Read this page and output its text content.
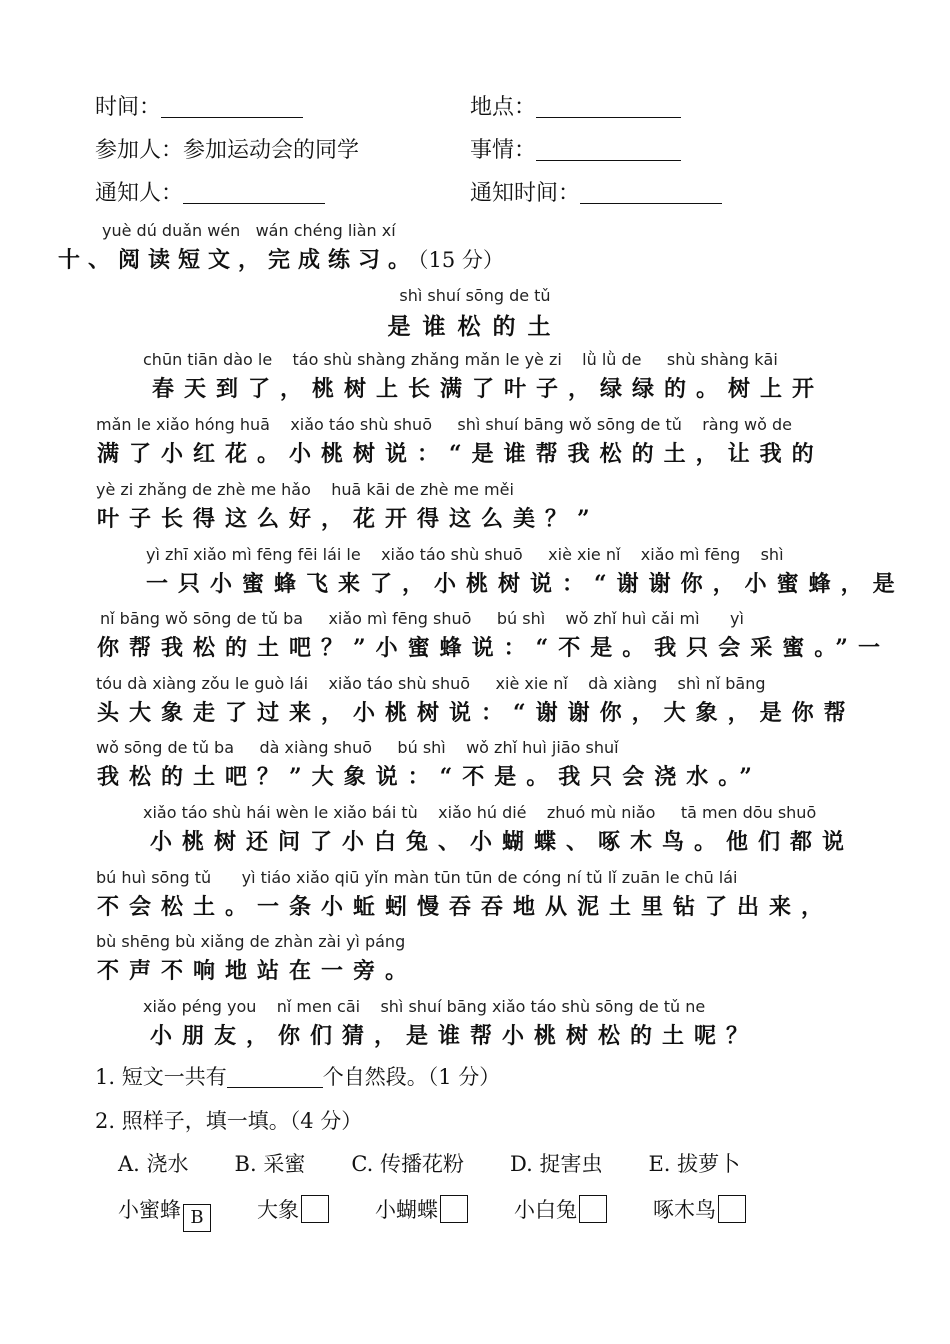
时间：	地点：
参加人：参加运动会的同学	事情：
通知人：	通知时间：
yuè dú duǎn wén   wán chéng liàn xí
十、阅读短文，完成练习。（15 分）
shì shuí sōng de tǔ
是谁松的土
chūn tiān dào le    táo shù shàng zhǎng mǎn le yè zi    lǜ lǜ de     shù shàng kāi
春天到了，桃树上长满了叶子，绿绿的。树上开
mǎn le xiǎo hóng huā    xiǎo táo shù shuō     shì shuí bāng wǒ sōng de tǔ    ràng wǒ de
满了小红花。小桃树说：“是谁帮我松的土，让我的
yè zi zhǎng de zhè me hǎo    huā kāi de zhè me měi
叶子长得这么好，花开得这么美？”
yì zhī xiǎo mì fēng fēi lái le    xiǎo táo shù shuō     xiè xie nǐ    xiǎo mì fēng    shì
一只小蜜蜂飞来了，小桃树说：“谢谢你，小蜜蜂，是
nǐ bāng wǒ sōng de tǔ ba     xiǎo mì fēng shuō     bú shì    wǒ zhǐ huì cǎi mì      yì
你帮我松的土吧？”小蜜蜂说：“不是。我只会采蜜。”一
tóu dà xiàng zǒu le guò lái    xiǎo táo shù shuō     xiè xie nǐ    dà xiàng    shì nǐ bāng
头大象走了过来，小桃树说：“谢谢你，大象，是你帮
wǒ sōng de tǔ ba     dà xiàng shuō     bú shì    wǒ zhǐ huì jiāo shuǐ
我松的土吧？”大象说：“不是。我只会浇水。”
xiǎo táo shù hái wèn le xiǎo bái tù    xiǎo hú dié    zhuó mù niǎo     tā men dōu shuō
小桃树还问了小白兔、小蝴蝶、啄木鸟。他们都说
bú huì sōng tǔ      yì tiáo xiǎo qiū yǐn màn tūn tūn de cóng ní tǔ lǐ zuān le chū lái
不会松土。一条小蚯蚓慢吞吞地从泥土里钻了出来，
bù shēng bù xiǎng de zhàn zài yì páng
不声不响地站在一旁。
xiǎo péng you    nǐ men cāi    shì shuí bāng xiǎo táo shù sōng de tǔ ne
小朋友，你们猜，是谁帮小桃树松的土呢？
1. 短文一共有	个自然段。（1 分）
2. 照样子，填一填。（4 分）
A. 浇水 B. 采蜜 C. 传播花粉 D. 捉害虫 E. 拔萝卜
小蜜蜂 B	大象	小蝴蝶	小白兔	啄木鸟
